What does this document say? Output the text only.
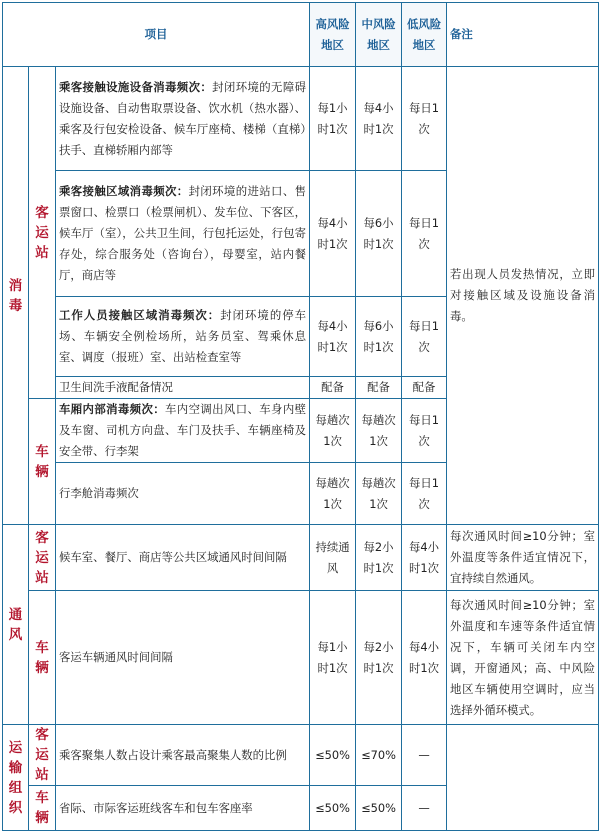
项目			高风险地区	中风险地区	低风险地区	备注
消毒	客运站	乘客接触设施设备消毒频次：封闭环境的无障碍设施设备、自动售取票设备、饮水机（热水器）、乘客及行包安检设备、候车厅座椅、楼梯（直梯）扶手、直梯轿厢内部等	每1小时1次	每4小时1次	每日1次	若出现人员发热情况，立即对接触区域及设施设备消毒。
		乘客接触区域消毒频次：封闭环境的进站口、售票窗口、检票口（检票闸机）、发车位、下客区，候车厅（室），公共卫生间，行包托运处，行包寄存处，综合服务处（咨询台），母婴室，站内餐厅，商店等	每4小时1次	每6小时1次	每日1次	
		工作人员接触区域消毒频次：封闭环境的停车场、车辆安全例检场所，站务员室、驾乘休息室、调度（报班）室、出站检查室等	每4小时1次	每6小时1次	每日1次	
		卫生间洗手液配备情况	配备	配备	配备	
	车辆	车厢内部消毒频次：车内空调出风口、车身内壁及车窗、司机方向盘、车门及扶手、车辆座椅及安全带、行李架	每趟次1次	每趟次1次	每日1次	
		行李舱消毒频次	每趟次1次	每趟次1次	每日1次	
通风	客运站	候车室、餐厅、商店等公共区域通风时间间隔	持续通风	每2小时1次	每4小时1次	每次通风时间≥10分钟；室外温度等条件适宜情况下，宜持续自然通风。
	车辆	客运车辆通风时间间隔	每1小时1次	每2小时1次	每4小时1次	每次通风时间≥10分钟；室外温度和车速等条件适宜情况下，车辆可关闭车内空调，开窗通风；高、中风险地区车辆使用空调时，应当选择外循环模式。
运输组织	客运站	乘客聚集人数占设计乘客最高聚集人数的比例	≤50%	≤70%	—	
	车辆	省际、市际客运班线客车和包车客座率	≤50%	≤50%	—	
